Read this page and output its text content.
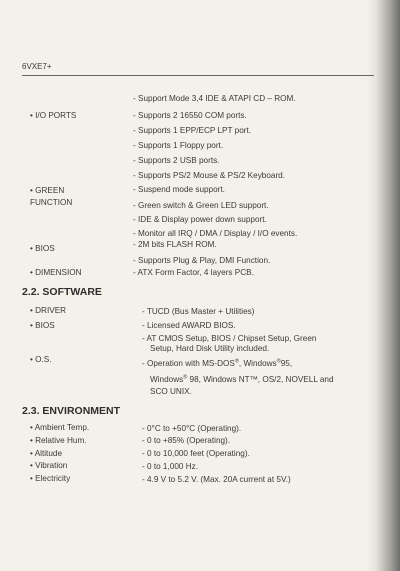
6VXE7+
- Support Mode 3,4 IDE & ATAPI CD – ROM.
• I/O PORTS	- Supports 2 16550 COM ports.
- Supports 1 EPP/ECP LPT port.
- Supports 1 Floppy port.
- Supports 2 USB ports.
- Supports PS/2 Mouse & PS/2 Keyboard.
• GREEN
FUNCTION
- Suspend mode support.
- Green switch & Green LED support.
- IDE & Display power down support.
- Monitor all IRQ / DMA / Display / I/O events.
• BIOS	- 2M bits FLASH ROM.
- Supports Plug & Play, DMI Function.
• DIMENSION	- ATX Form Factor, 4 layers PCB.
2.2. SOFTWARE
• DRIVER	- TUCD (Bus Master + Utilities)
• BIOS	- Licensed AWARD BIOS.
- AT CMOS Setup, BIOS / Chipset Setup, Green
Setup, Hard Disk Utility included.
• O.S.	- Operation with MS-DOS®, Windows®95,
Windows® 98, Windows NT™, OS/2, NOVELL and
SCO UNIX.
2.3. ENVIRONMENT
• Ambient Temp.	- 0°C to +50°C (Operating).
• Relative Hum.	- 0 to +85% (Operating).
• Altitude	- 0 to 10,000 feet (Operating).
• Vibration	- 0 to 1,000 Hz.
• Electricity	- 4.9 V to 5.2 V. (Max. 20A current at 5V.)
